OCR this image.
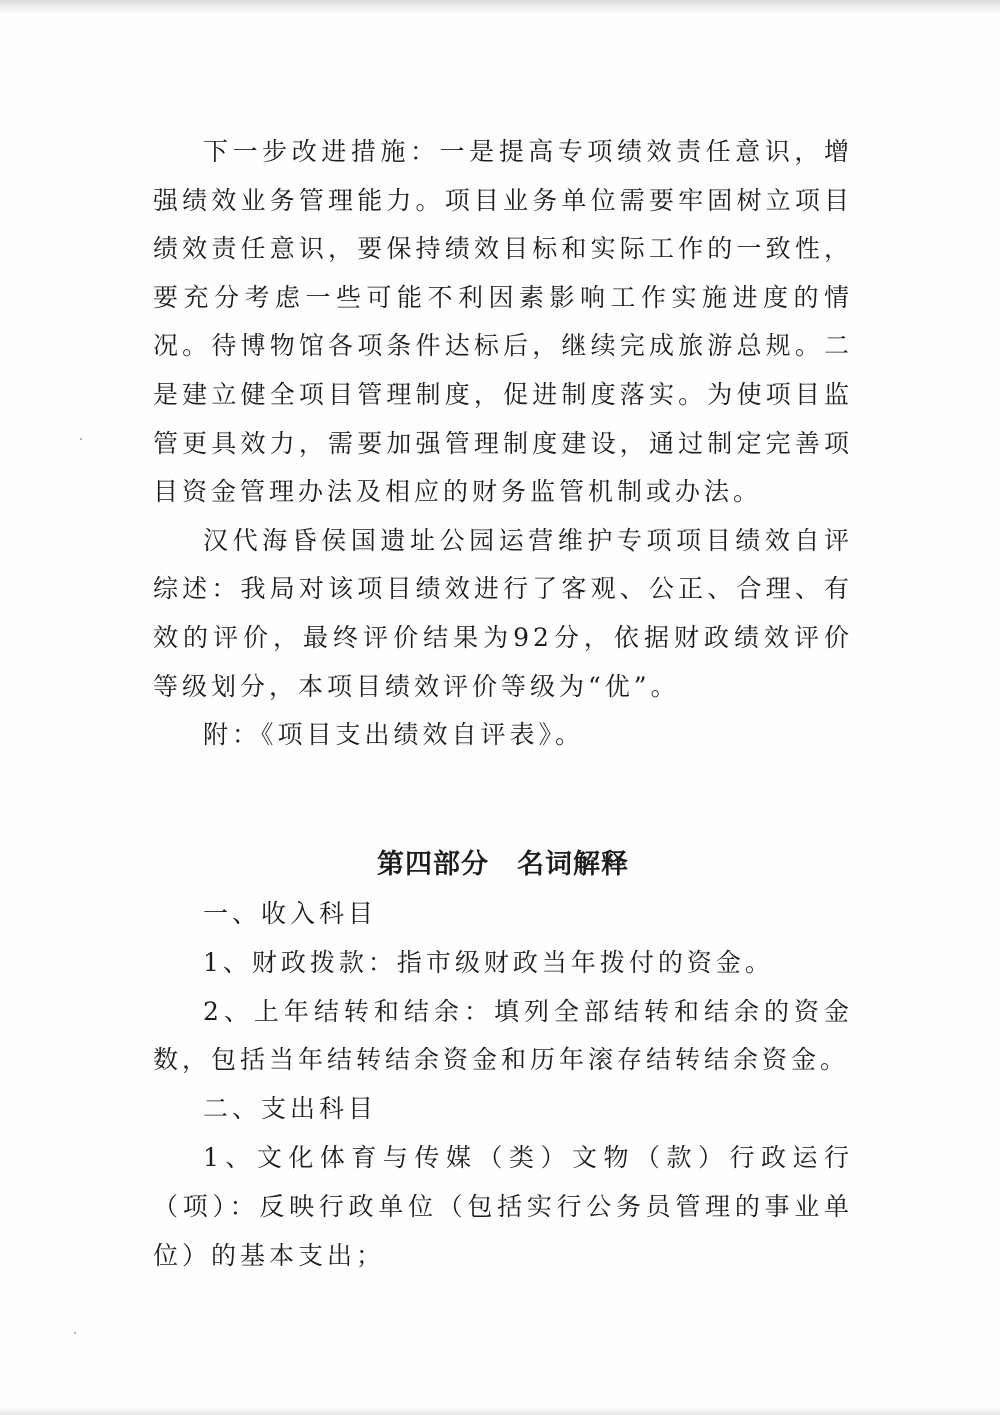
下一步改进措施：一是提高专项绩效责任意识，增强绩效业务管理能力。项目业务单位需要牢固树立项目绩效责任意识，要保持绩效目标和实际工作的一致性，要充分考虑一些可能不利因素影响工作实施进度的情况。待博物馆各项条件达标后，继续完成旅游总规。二是建立健全项目管理制度，促进制度落实。为使项目监管更具效力，需要加强管理制度建设，通过制定完善项目资金管理办法及相应的财务监管机制或办法。

汉代海昏侯国遗址公园运营维护专项项目绩效自评综述：我局对该项目绩效进行了客观、公正、合理、有效的评价，最终评价结果为92分，依据财政绩效评价等级划分，本项目绩效评价等级为“优”。

附：《项目支出绩效自评表》。

第四部分　名词解释

一、收入科目

1、财政拨款：指市级财政当年拨付的资金。

2、上年结转和结余：填列全部结转和结余的资金数，包括当年结转结余资金和历年滚存结转结余资金。

二、支出科目

1、文化体育与传媒（类）文物（款）行政运行（项）：反映行政单位（包括实行公务员管理的事业单位）的基本支出；
